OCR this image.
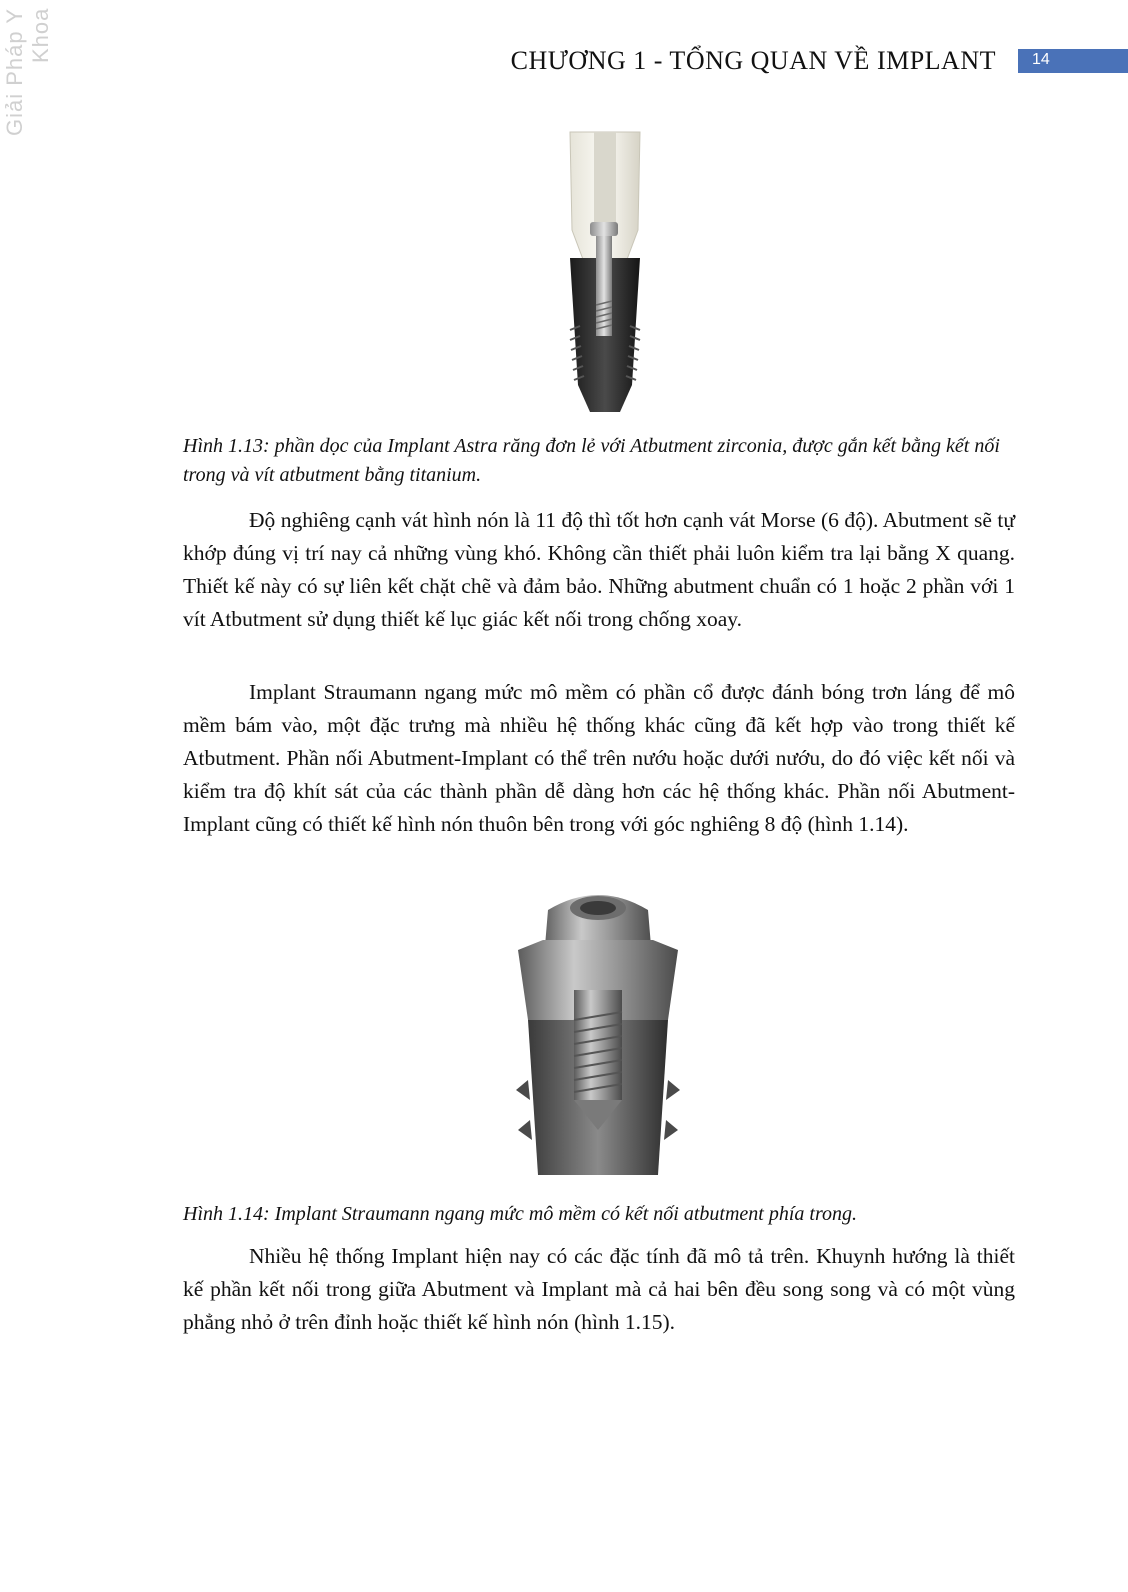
Giải Pháp Y Khoa	CHƯƠNG 1 - TỔNG QUAN VỀ IMPLANT 14
Hình 1.13: phần dọc của Implant Astra răng đơn lẻ với Atbutment zirconia, được gắn kết bằng kết nối trong và vít atbutment bằng titanium.

Độ nghiêng cạnh vát hình nón là 11 độ thì tốt hơn cạnh vát Morse (6 độ). Abutment sẽ tự khớp đúng vị trí nay cả những vùng khó. Không cần thiết phải luôn kiểm tra lại bằng X quang. Thiết kế này có sự liên kết chặt chẽ và đảm bảo. Những abutment chuẩn có 1 hoặc 2 phần với 1 vít Atbutment sử dụng thiết kế lục giác kết nối trong chống xoay.

Implant Straumann ngang mức mô mềm có phần cổ được đánh bóng trơn láng để mô mềm bám vào, một đặc trưng mà nhiều hệ thống khác cũng đã kết hợp vào trong thiết kế Atbutment. Phần nối Abutment-Implant có thể trên nướu hoặc dưới nướu, do đó việc kết nối và kiểm tra độ khít sát của các thành phần dễ dàng hơn các hệ thống khác. Phần nối Abutment-Implant cũng có thiết kế hình nón thuôn bên trong với góc nghiêng 8 độ (hình 1.14).

Hình 1.14: Implant Straumann ngang mức mô mềm có kết nối atbutment phía trong.

Nhiều hệ thống Implant hiện nay có các đặc tính đã mô tả trên. Khuynh hướng là thiết kế phần kết nối trong giữa Abutment và Implant mà cả hai bên đều song song và có một vùng phẳng nhỏ ở trên đỉnh hoặc thiết kế hình nón (hình 1.15).
